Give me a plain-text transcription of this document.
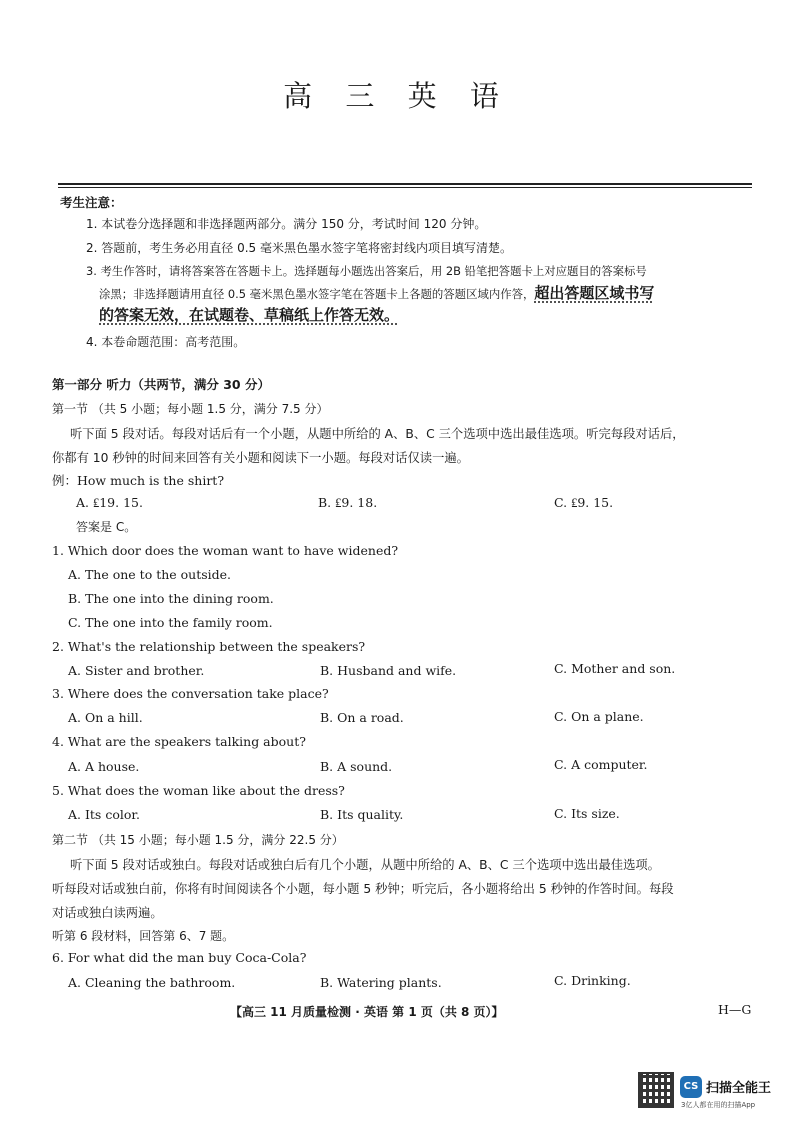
高 三 英 语
考生注意：
1. 本试卷分选择题和非选择题两部分。满分 150 分，考试时间 120 分钟。
2. 答题前，考生务必用直径 0.5 毫米黑色墨水签字笔将密封线内项目填写清楚。
3. 考生作答时，请将答案答在答题卡上。选择题每小题选出答案后，用 2B 铅笔把答题卡上对应题目的答案标号
涂黑；非选择题请用直径 0.5 毫米黑色墨水签字笔在答题卡上各题的答题区域内作答，超出答题区域书写
的答案无效，在试题卷、草稿纸上作答无效。
4. 本卷命题范围：高考范围。
第一部分 听力（共两节，满分 30 分）
第一节 （共 5 小题；每小题 1.5 分，满分 7.5 分）
听下面 5 段对话。每段对话后有一个小题，从题中所给的 A、B、C 三个选项中选出最佳选项。听完每段对话后，
你都有 10 秒钟的时间来回答有关小题和阅读下一小题。每段对话仅读一遍。
例：How much is the shirt?
A. ₤19. 15.	B. ₤9. 18.	C. ₤9. 15.
答案是 C。
1. Which door does the woman want to have widened?
A. The one to the outside.
B. The one into the dining room.
C. The one into the family room.
2. What's the relationship between the speakers?
A. Sister and brother.	B. Husband and wife.	C. Mother and son.
3. Where does the conversation take place?
A. On a hill.	B. On a road.	C. On a plane.
4. What are the speakers talking about?
A. A house.	B. A sound.	C. A computer.
5. What does the woman like about the dress?
A. Its color.	B. Its quality.	C. Its size.
第二节 （共 15 小题；每小题 1.5 分，满分 22.5 分）
听下面 5 段对话或独白。每段对话或独白后有几个小题，从题中所给的 A、B、C 三个选项中选出最佳选项。
听每段对话或独白前，你将有时间阅读各个小题，每小题 5 秒钟；听完后，各小题将给出 5 秒钟的作答时间。每段
对话或独白读两遍。
听第 6 段材料，回答第 6、7 题。
6. For what did the man buy Coca-Cola?
A. Cleaning the bathroom.	B. Watering plants.	C. Drinking.
【高三 11 月质量检测 · 英语 第 1 页（共 8 页）】	H—G
CS 扫描全能王
3亿人都在用的扫描App
